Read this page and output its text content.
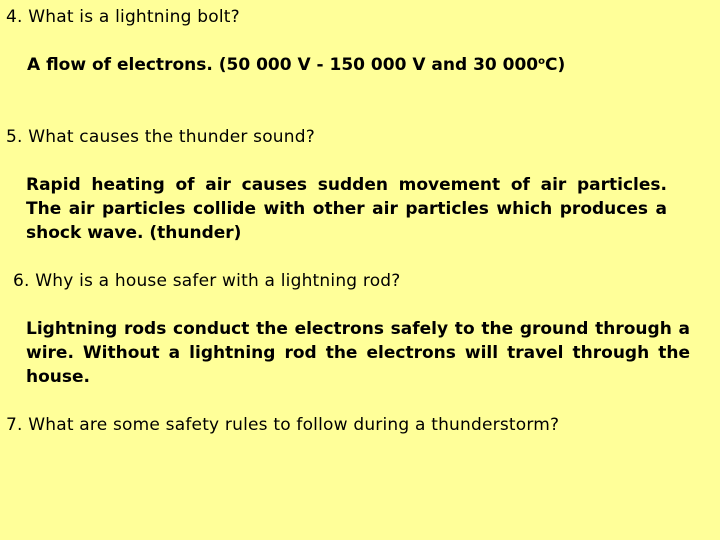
4. What is a lightning bolt?
A flow of electrons. (50 000 V - 150 000 V and 30 000$^o$C)
5. What causes the thunder sound?
Rapid heating of air causes sudden movement of air particles.
The air particles collide with other air particles which produces a
shock wave. (thunder)
6. Why is a house safer with a lightning rod?
Lightning rods conduct the electrons safely to the ground through a
wire. Without a lightning rod the electrons will travel through the
house.
7. What are some safety rules to follow during a thunderstorm?
